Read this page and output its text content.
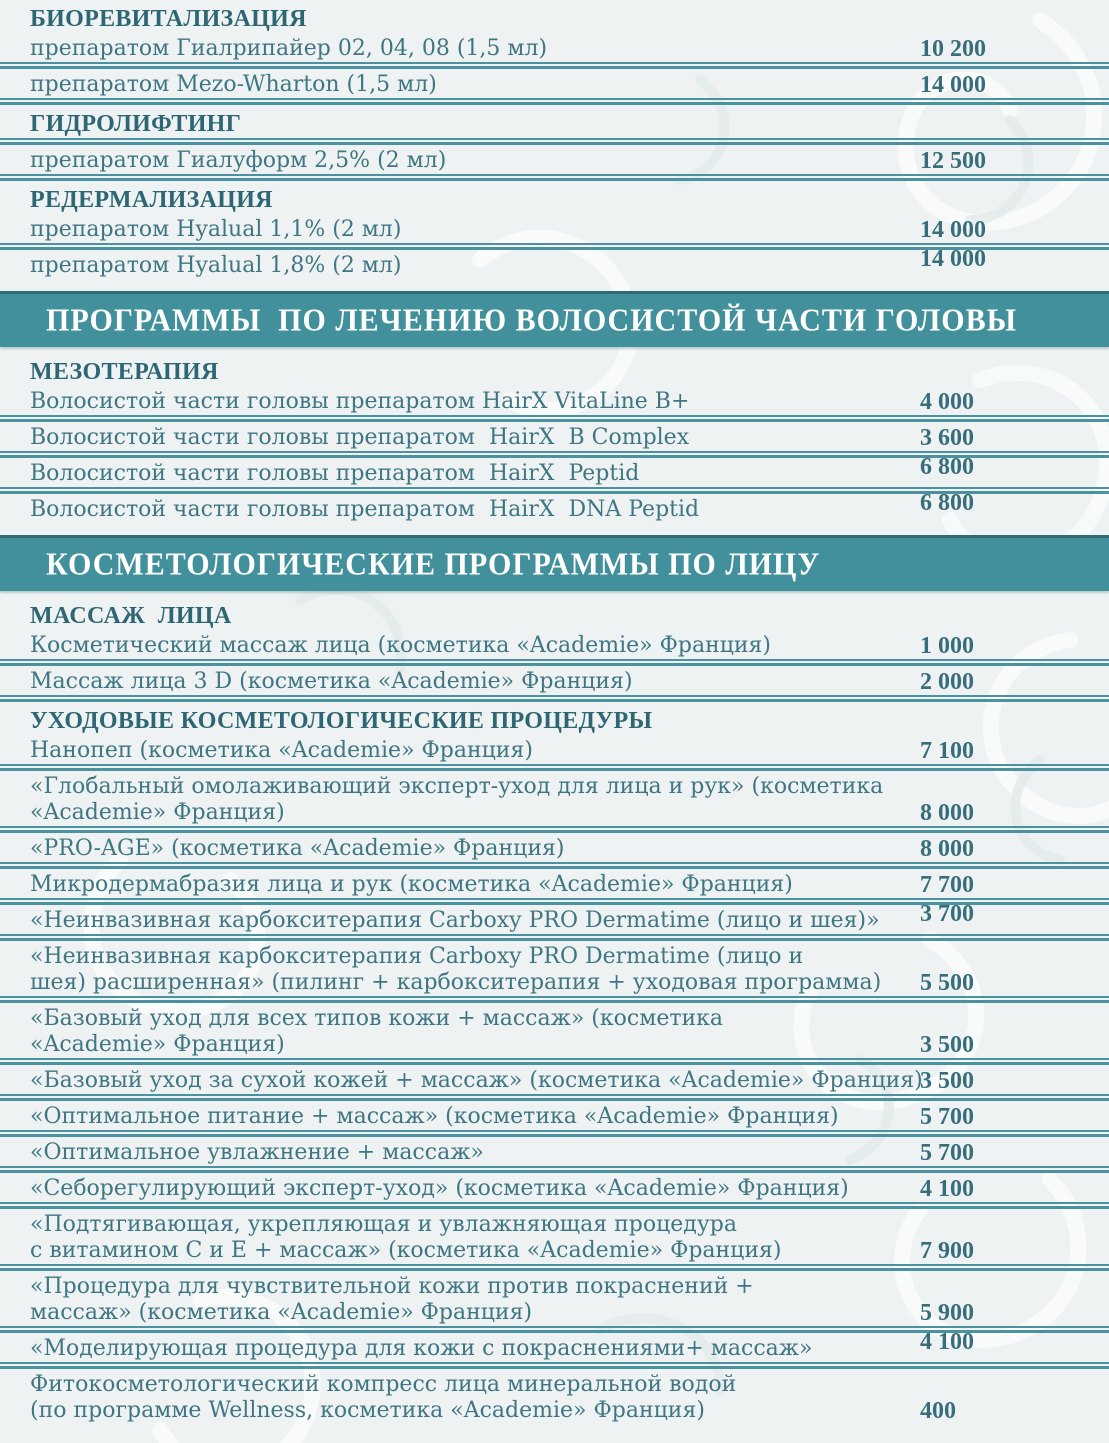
БИОРЕВИТАЛИЗАЦИЯ
препаратом Гиалрипайер 02, 04, 08 (1,5 мл)	10 200
препаратом Mezo-Wharton (1,5 мл)	14 000
ГИДРОЛИФТИНГ
препаратом Гиалуформ 2,5% (2 мл)	12 500
РЕДЕРМАЛИЗАЦИЯ
препаратом Hyalual 1,1% (2 мл)	14 000
препаратом Hyalual 1,8% (2 мл)	14 000
ПРОГРАММЫ  ПО ЛЕЧЕНИЮ ВОЛОСИСТОЙ ЧАСТИ ГОЛОВЫ
МЕЗОТЕРАПИЯ
Волосистой части головы препаратом HairX VitaLine B+	4 000
Волосистой части головы препаратом  HairX  B Complex	3 600
Волосистой части головы препаратом  HairX  Peptid	6 800
Волосистой части головы препаратом  HairX  DNA Peptid	6 800
КОСМЕТОЛОГИЧЕСКИЕ ПРОГРАММЫ ПО ЛИЦУ
МАССАЖ  ЛИЦА
Косметический массаж лица (косметика «Academie» Франция)	1 000
Массаж лица 3 D (косметика «Academie» Франция)	2 000
УХОДОВЫЕ КОСМЕТОЛОГИЧЕСКИЕ ПРОЦЕДУРЫ
Нанопеп (косметика «Academie» Франция)	7 100
«Глобальный омолаживающий эксперт-уход для лица и рук» (косметика
«Academie» Франция)	8 000
«PRO-AGE» (косметика «Academie» Франция)	8 000
Микродермабразия лица и рук (косметика «Academie» Франция)	7 700
«Неинвазивная карбокситерапия Carboxy PRO Dermatime (лицо и шея)»	3 700
«Неинвазивная карбокситерапия Carboxy PRO Dermatime (лицо и
шея) расширенная» (пилинг + карбокситерапия + уходовая программа)	5 500
«Базовый уход для всех типов кожи + массаж» (косметика
«Academie» Франция)	3 500
«Базовый уход за сухой кожей + массаж» (косметика «Academie» Франция)
3 500
«Оптимальное питание + массаж» (косметика «Academie» Франция)	5 700
«Оптимальное увлажнение + массаж»	5 700
«Себорегулирующий эксперт-уход» (косметика «Academie» Франция)	4 100
«Подтягивающая, укрепляющая и увлажняющая процедура
с витамином С и Е + массаж» (косметика «Academie» Франция)	7 900
«Процедура для чувствительной кожи против покраснений +
массаж» (косметика «Academie» Франция)	5 900
«Моделирующая процедура для кожи с покраснениями+ массаж»	4 100
Фитокосметологический компресс лица минеральной водой
(по программе Wellness, косметика «Academie» Франция)	400
